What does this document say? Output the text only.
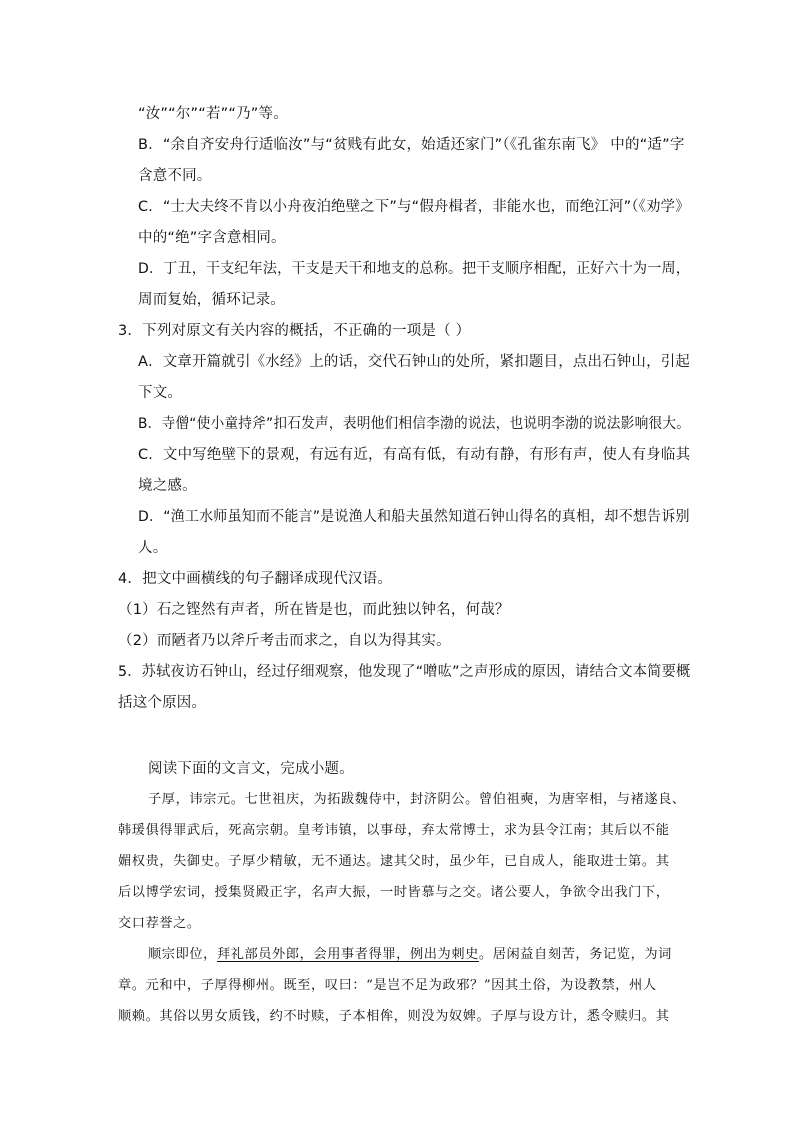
“汝”“尔”“若”“乃”等。
B．“余自齐安舟行适临汝”与“贫贱有此女，始适还家门”（《孔雀东南飞》 中的“适”字
含意不同。
C．“士大夫终不肯以小舟夜泊绝壁之下”与“假舟楫者，非能水也，而绝江河”（《劝学》
中的“绝”字含意相同。
D．丁丑，干支纪年法，干支是天干和地支的总称。把干支顺序相配，正好六十为一周，
周而复始，循环记录。
3．下列对原文有关内容的概括，不正确的一项是（ ）
A．文章开篇就引《水经》上的话，交代石钟山的处所，紧扣题目，点出石钟山，引起
下文。
B．寺僧“使小童持斧”扣石发声，表明他们相信李渤的说法，也说明李渤的说法影响很大。
C．文中写绝壁下的景观，有远有近，有高有低，有动有静，有形有声，使人有身临其
境之感。
D．“渔工水师虽知而不能言”是说渔人和船夫虽然知道石钟山得名的真相，却不想告诉别
人。
4．把文中画横线的句子翻译成现代汉语。
（1）石之铿然有声者，所在皆是也，而此独以钟名，何哉？
（2）而陋者乃以斧斤考击而求之，自以为得其实。
5．苏轼夜访石钟山，经过仔细观察，他发现了“噌吰”之声形成的原因，请结合文本简要概
括这个原因。
阅读下面的文言文，完成小题。
子厚，讳宗元。七世祖庆，为拓跋魏侍中，封济阴公。曾伯祖奭，为唐宰相，与褚遂良、
韩瑗俱得罪武后，死高宗朝。皇考讳镇，以事母，弃太常博士，求为县令江南；其后以不能
媚权贵，失御史。子厚少精敏，无不通达。逮其父时，虽少年，已自成人，能取进士第。其
后以博学宏词，授集贤殿正字，名声大振，一时皆慕与之交。诸公要人，争欲令出我门下，
交口荐誉之。
顺宗即位，拜礼部员外郎，会用事者得罪，例出为刺史。居闲益自刻苦，务记览，为词
章。元和中，子厚得柳州。既至，叹曰：“是岂不足为政邪？”因其土俗，为设教禁，州人
顺赖。其俗以男女质钱，约不时赎，子本相侔，则没为奴婢。子厚与设方计，悉令赎归。其
